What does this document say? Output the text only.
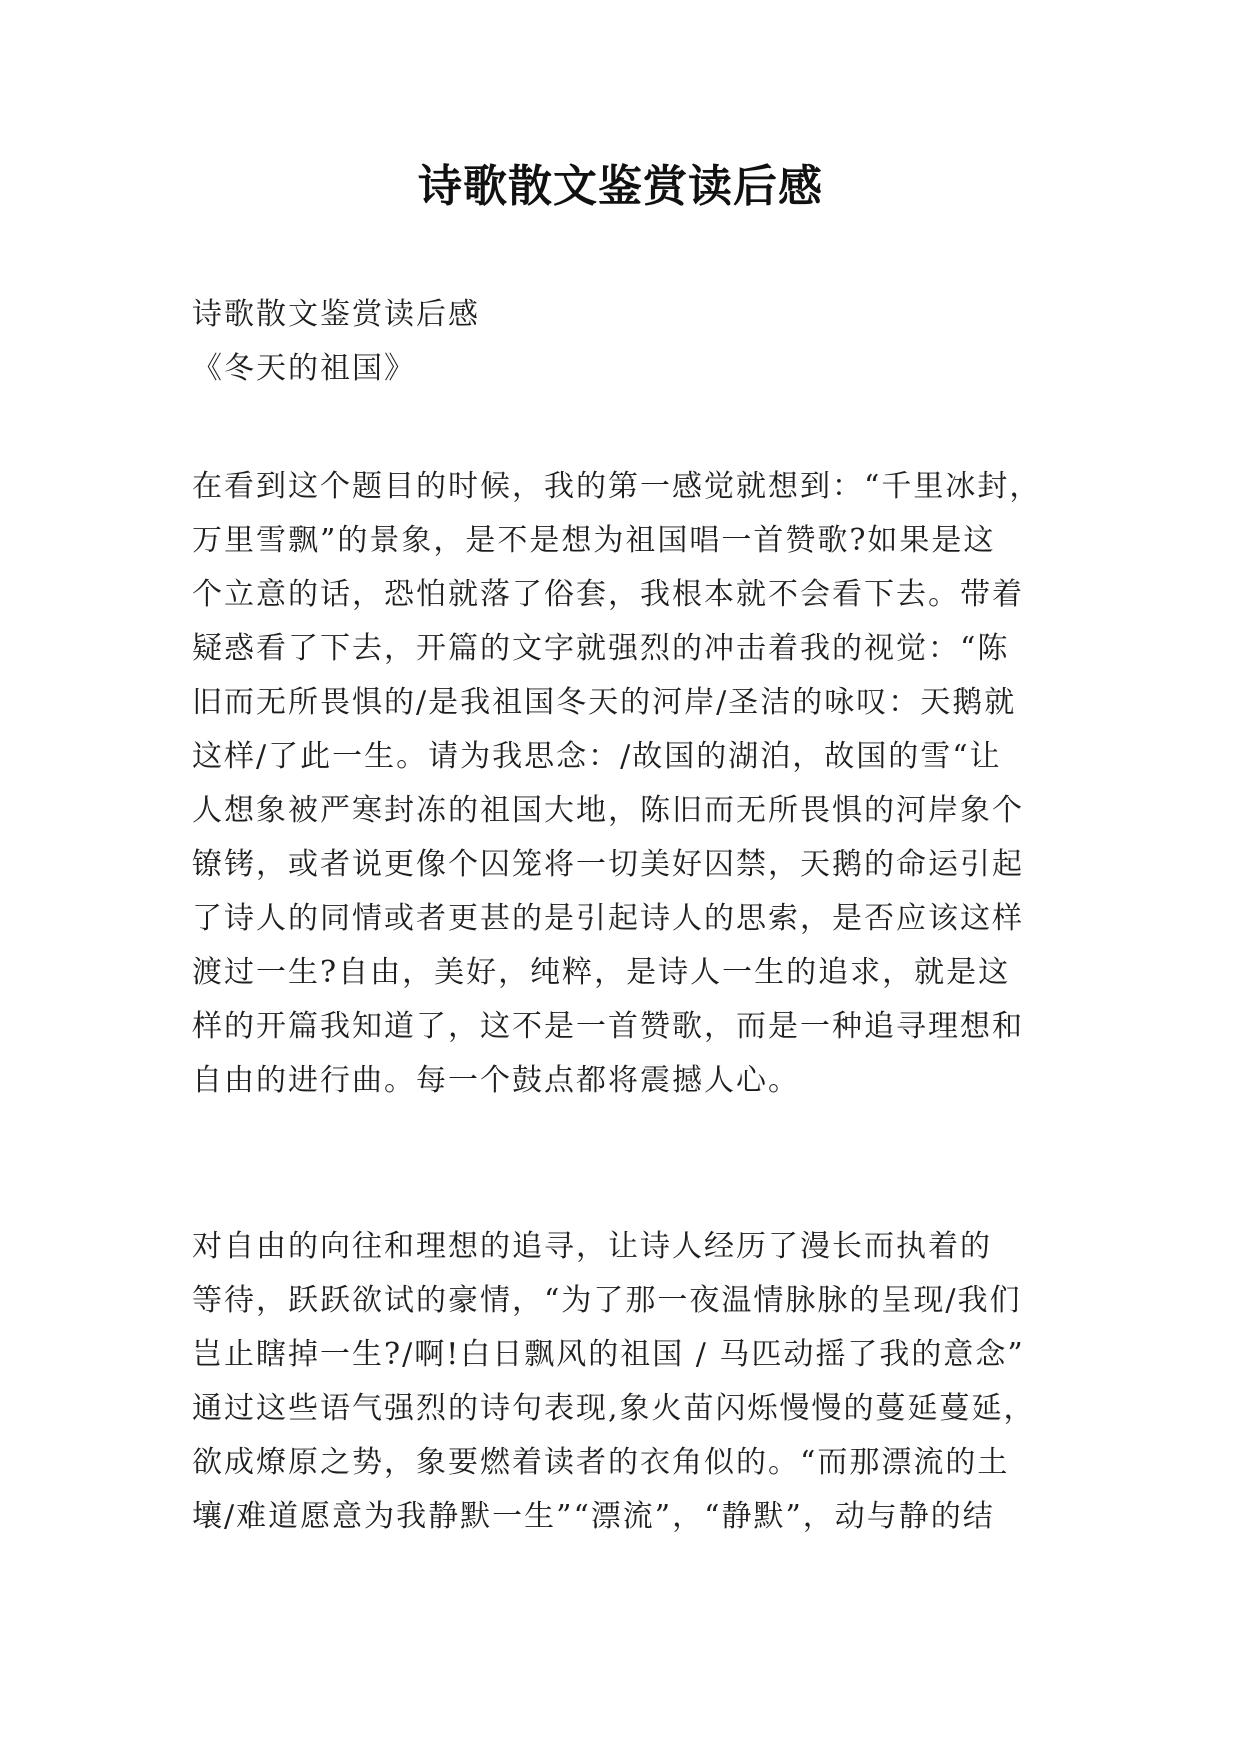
诗歌散文鉴赏读后感

诗歌散文鉴赏读后感

《冬天的祖国》

在看到这个题目的时候，我的第一感觉就想到：“千里冰封，
万里雪飘”的景象，是不是想为祖国唱一首赞歌?如果是这
个立意的话，恐怕就落了俗套，我根本就不会看下去。带着
疑惑看了下去，开篇的文字就强烈的冲击着我的视觉：“陈
旧而无所畏惧的/是我祖国冬天的河岸/圣洁的咏叹：天鹅就
这样/了此一生。请为我思念：/故国的湖泊，故国的雪“让
人想象被严寒封冻的祖国大地，陈旧而无所畏惧的河岸象个
镣铐，或者说更像个囚笼将一切美好囚禁，天鹅的命运引起
了诗人的同情或者更甚的是引起诗人的思索，是否应该这样
渡过一生?自由，美好，纯粹，是诗人一生的追求，就是这
样的开篇我知道了，这不是一首赞歌，而是一种追寻理想和
自由的进行曲。每一个鼓点都将震撼人心。
对自由的向往和理想的追寻，让诗人经历了漫长而执着的
等待，跃跃欲试的豪情，“为了那一夜温情脉脉的呈现/我们
岂止瞎掉一生?/啊!白日飘风的祖国 / 马匹动摇了我的意念”
通过这些语气强烈的诗句表现,象火苗闪烁慢慢的蔓延蔓延，
欲成燎原之势，象要燃着读者的衣角似的。“而那漂流的土
壤/难道愿意为我静默一生”“漂流”，“静默”，动与静的结
